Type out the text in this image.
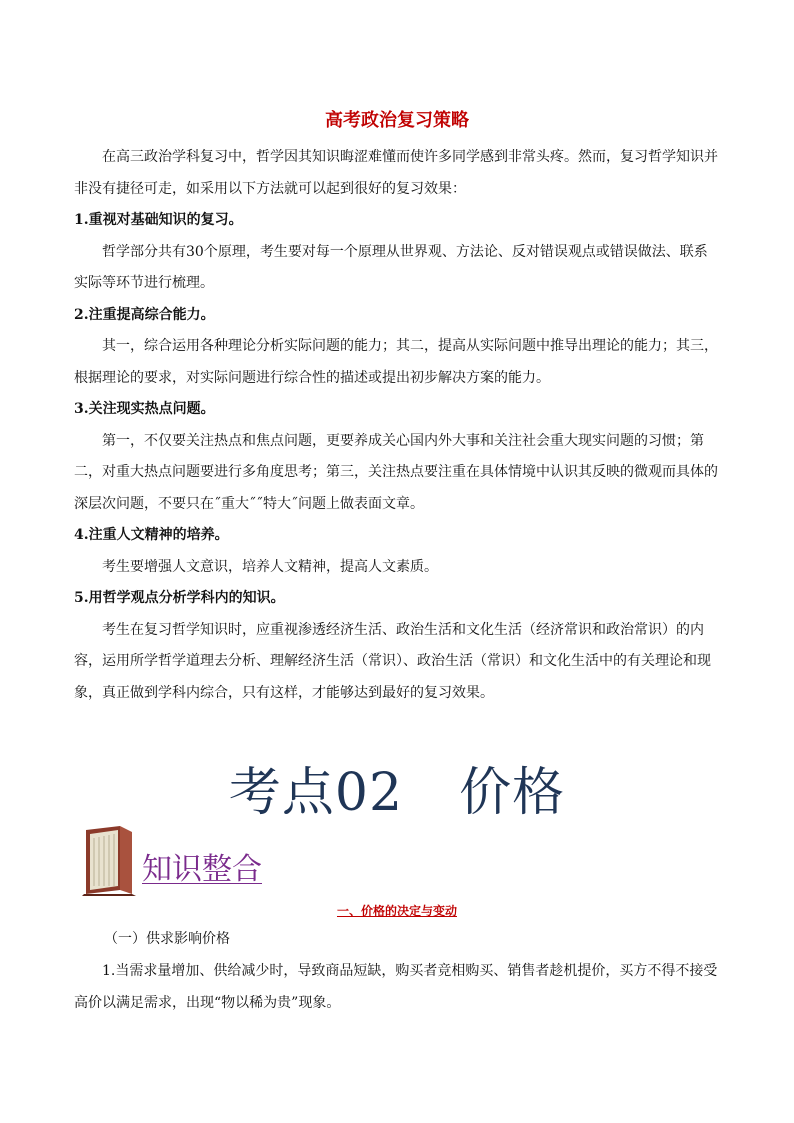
高考政治复习策略

在高三政治学科复习中，哲学因其知识晦涩难懂而使许多同学感到非常头疼。然而，复习哲学知识并非没有捷径可走，如采用以下方法就可以起到很好的复习效果：

1.重视对基础知识的复习。

哲学部分共有30个原理，考生要对每一个原理从世界观、方法论、反对错误观点或错误做法、联系实际等环节进行梳理。

2.注重提高综合能力。

其一，综合运用各种理论分析实际问题的能力；其二，提高从实际问题中推导出理论的能力；其三，根据理论的要求，对实际问题进行综合性的描述或提出初步解决方案的能力。

3.关注现实热点问题。

第一，不仅要关注热点和焦点问题，更要养成关心国内外大事和关注社会重大现实问题的习惯；第二，对重大热点问题要进行多角度思考；第三，关注热点要注重在具体情境中认识其反映的微观而具体的深层次问题，不要只在˝重大˝˝特大˝问题上做表面文章。

4.注重人文精神的培养。

考生要增强人文意识，培养人文精神，提高人文素质。

5.用哲学观点分析学科内的知识。

考生在复习哲学知识时，应重视渗透经济生活、政治生活和文化生活（经济常识和政治常识）的内容，运用所学哲学道理去分析、理解经济生活（常识）、政治生活（常识）和文化生活中的有关理论和现象，真正做到学科内综合，只有这样，才能够达到最好的复习效果。

考点02 价格
知识整合
一、价格的决定与变动
（一）供求影响价格

1.当需求量增加、供给减少时，导致商品短缺，购买者竞相购买、销售者趁机提价，买方不得不接受高价以满足需求，出现“物以稀为贵”现象。
